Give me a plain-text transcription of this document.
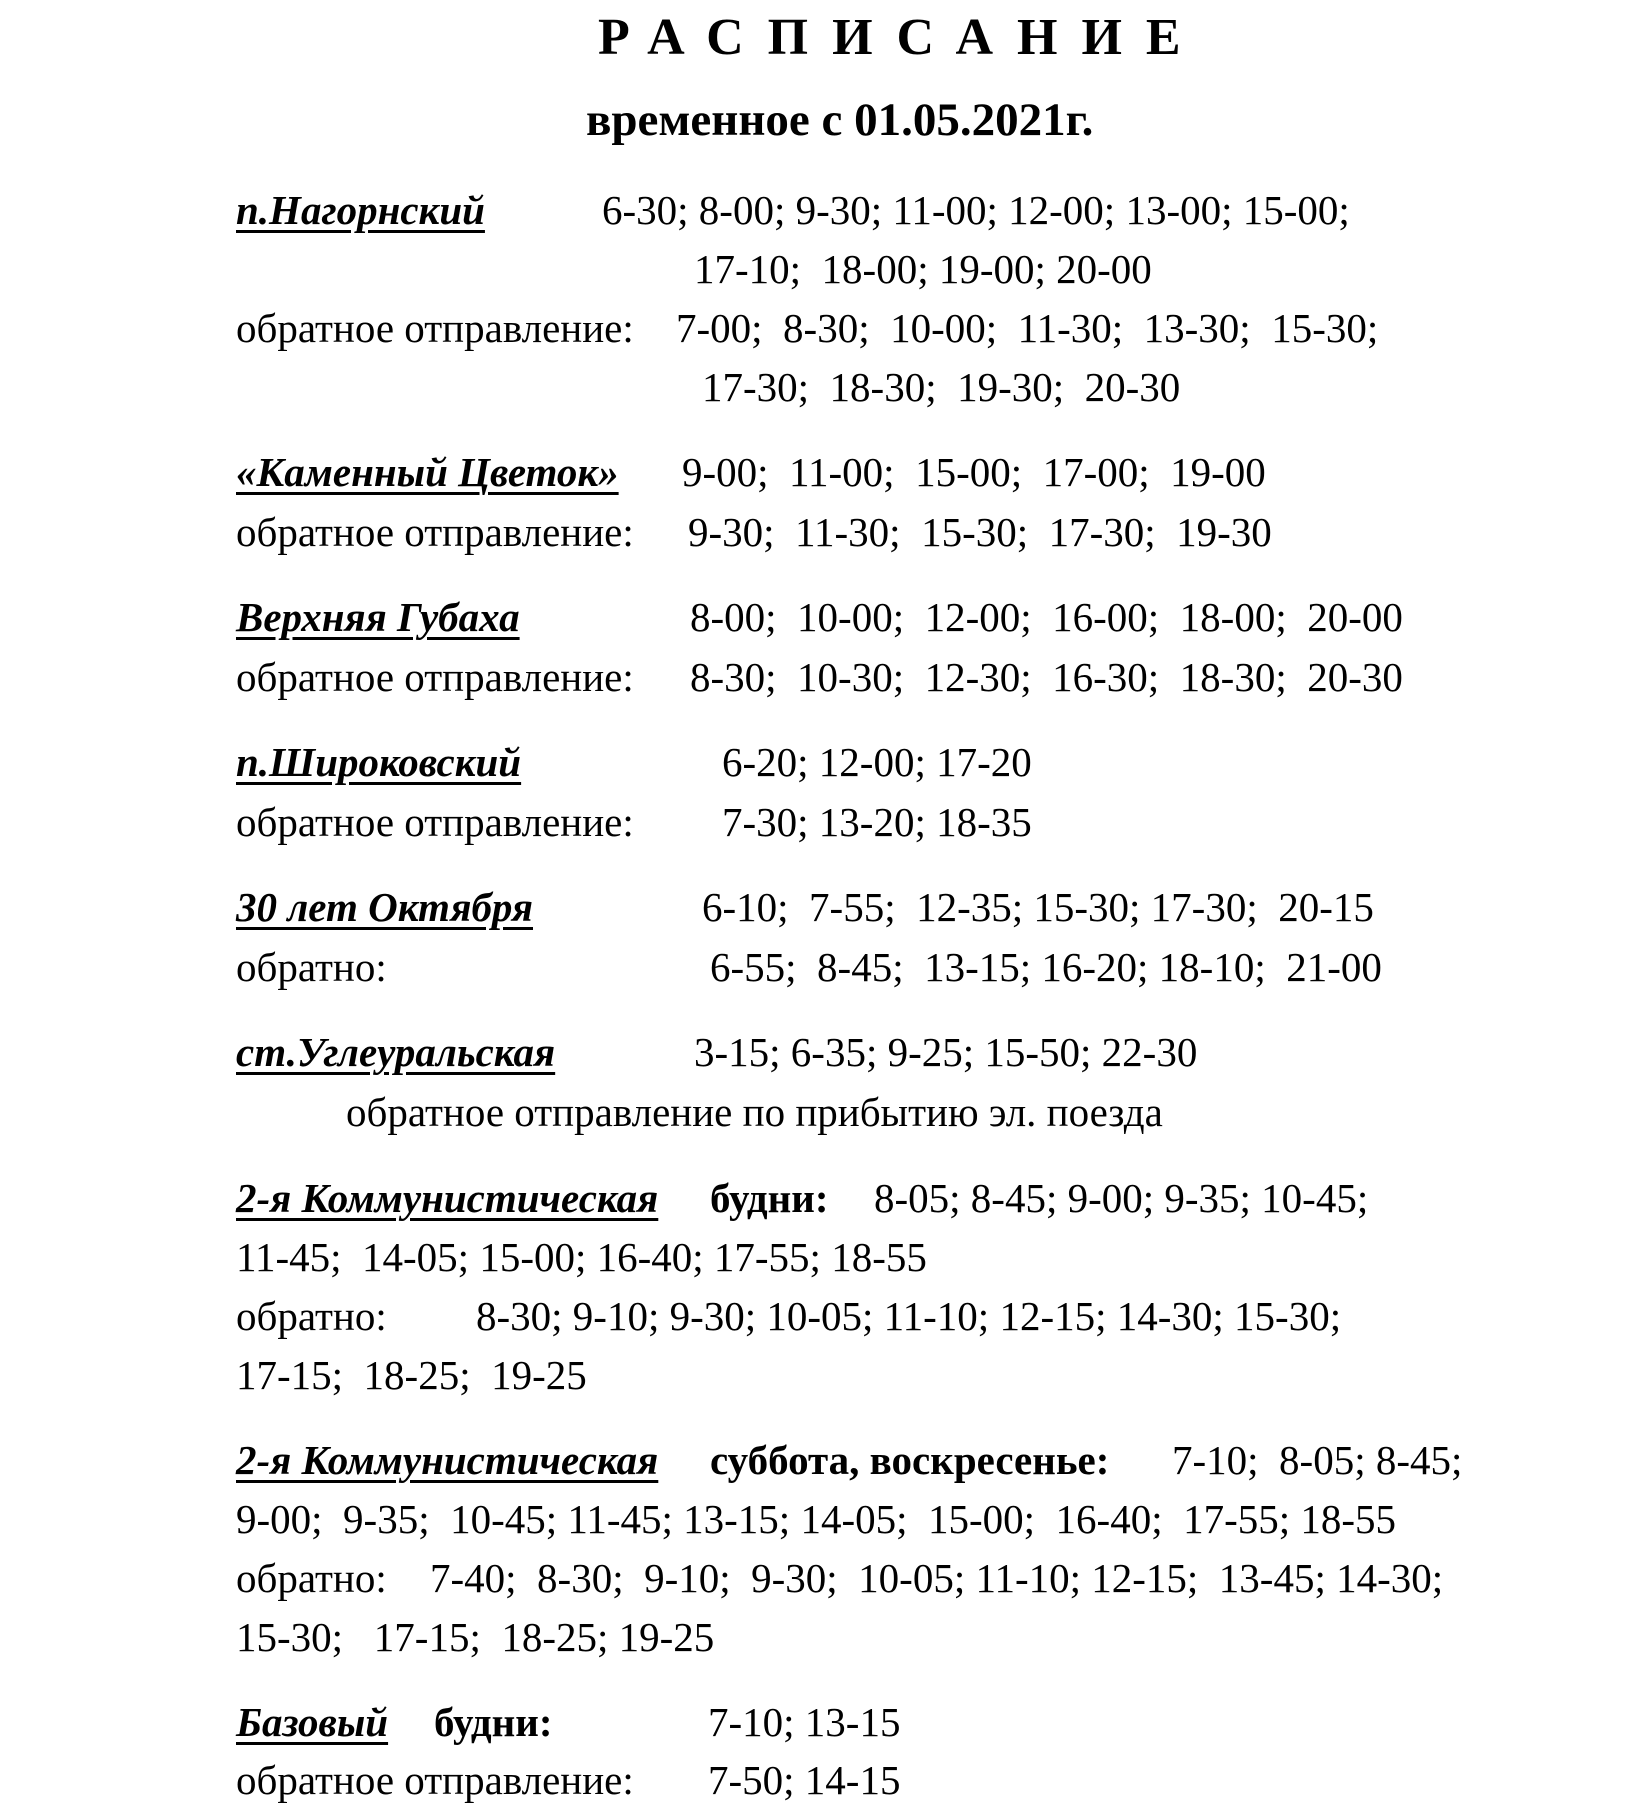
РАСПИСАНИЕ
временное с 01.05.2021г.
п.Нагорнский	6-30; 8-00; 9-30; 11-00; 12-00; 13-00; 15-00;
17-10;  18-00; 19-00; 20-00
обратное отправление: 7-00;  8-30;  10-00;  11-30;  13-30;  15-30;
17-30;  18-30;  19-30;  20-30
«Каменный Цветок» 9-00;  11-00;  15-00;  17-00;  19-00
обратное отправление: 9-30;  11-30;  15-30;  17-30;  19-30
Верхняя Губаха	8-00;  10-00;  12-00;  16-00;  18-00;  20-00
обратное отправление: 8-30;  10-30;  12-30;  16-30;  18-30;  20-30
п.Широковский	6-20; 12-00; 17-20
обратное отправление: 7-30; 13-20; 18-35
30 лет Октября	6-10;  7-55;  12-35; 15-30; 17-30;  20-15
обратно:	6-55;  8-45;  13-15; 16-20; 18-10;  21-00
ст.Углеуральская	3-15; 6-35; 9-25; 15-50; 22-30
обратное отправление по прибытию эл. поезда
2-я Коммунистическая будни: 8-05; 8-45; 9-00; 9-35; 10-45;
11-45;  14-05; 15-00; 16-40; 17-55; 18-55
обратно: 8-30; 9-10; 9-30; 10-05; 11-10; 12-15; 14-30; 15-30;
17-15;  18-25;  19-25
2-я Коммунистическая суббота, воскресенье: 7-10;  8-05; 8-45;
9-00;  9-35;  10-45; 11-45; 13-15; 14-05;  15-00;  16-40;  17-55; 18-55
обратно: 7-40;  8-30;  9-10;  9-30;  10-05; 11-10; 12-15;  13-45; 14-30;
15-30;   17-15;  18-25; 19-25
Базовый будни:	7-10; 13-15
обратное отправление: 7-50; 14-15
